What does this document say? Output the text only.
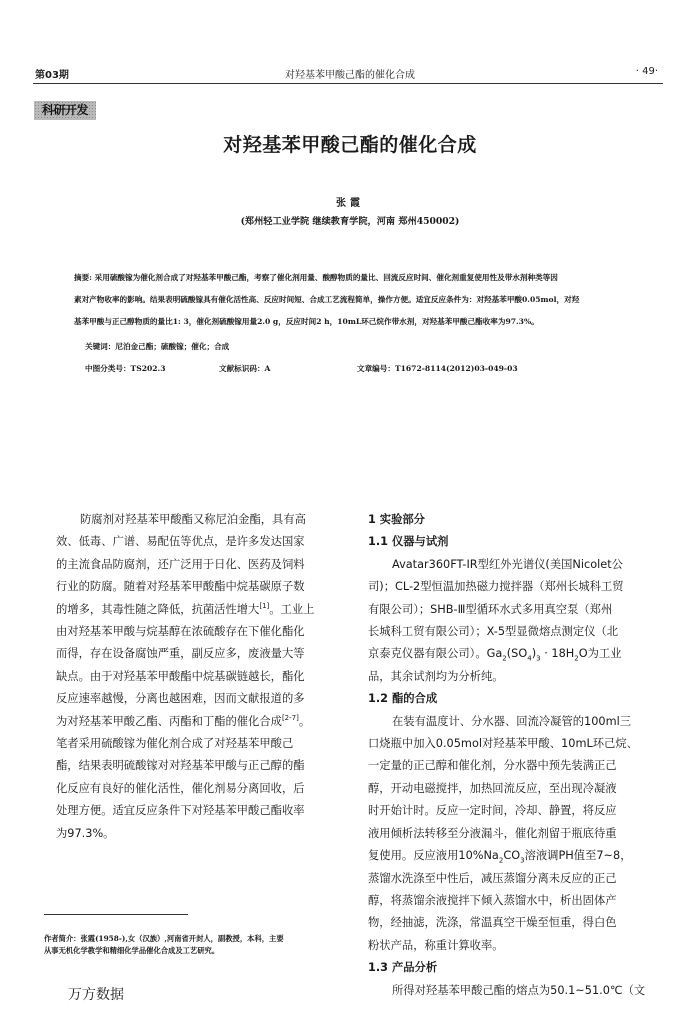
第03期	对羟基苯甲酸己酯的催化合成	· 49·
科研开发
对羟基苯甲酸己酯的催化合成
张霞
(郑州轻工业学院 继续教育学院，河南 郑州450002)
摘要: 采用硫酸镓为催化剂合成了对羟基苯甲酸己酯，考察了催化剂用量、酸醇物质的量比、回流反应时间、催化剂重复使用性及带水剂种类等因
素对产物收率的影响。结果表明硫酸镓具有催化活性高、反应时间短、合成工艺流程简单，操作方便。适宜反应条件为：对羟基苯甲酸0.05mol，对羟
基苯甲酸与正己醇物质的量比1: 3，催化剂硫酸镓用量2.0 g，反应时间2 h，10mL环己烷作带水剂，对羟基苯甲酸己酯收率为97.3%。
关键词：尼泊金己酯；硫酸镓；催化；合成
中图分类号：TS202.3	文献标识码：A	文章编号：T1672-8114(2012)03-049-03
防腐剂对羟基苯甲酸酯又称尼泊金酯，具有高
效、低毒、广谱、易配伍等优点，是许多发达国家
的主流食品防腐剂，还广泛用于日化、医药及饲料
行业的防腐。随着对羟基苯甲酸酯中烷基碳原子数
的增多，其毒性随之降低，抗菌活性增大[1]。工业上
由对羟基苯甲酸与烷基醇在浓硫酸存在下催化酯化
而得，存在设备腐蚀严重，副反应多，废液量大等
缺点。由于对羟基苯甲酸酯中烷基碳链越长，酯化
反应速率越慢，分离也越困难，因而文献报道的多
为对羟基苯甲酸乙酯、丙酯和丁酯的催化合成[2-7]。
笔者采用硫酸镓为催化剂合成了对羟基苯甲酸己
酯，结果表明硫酸镓对对羟基苯甲酸与正己醇的酯
化反应有良好的催化活性，催化剂易分离回收，后
处理方便。适宜反应条件下对羟基苯甲酸己酯收率
为97.3%。
1 实验部分
1.1 仪器与试剂
Avatar360FT-IR型红外光谱仪(美国Nicolet公
司)；CL-2型恒温加热磁力搅拌器（郑州长城科工贸
有限公司）；SHB-Ⅲ型循环水式多用真空泵（郑州
长城科工贸有限公司）；X-5型显微熔点测定仪（北
京泰克仪器有限公司）。$Ga_2(SO_4)_3 \cdot 18H_2O$为工业
品，其余试剂均为分析纯。
1.2 酯的合成
在装有温度计、分水器、回流冷凝管的100ml三
口烧瓶中加入0.05mol对羟基苯甲酸、10mL环己烷、
一定量的正己醇和催化剂，分水器中预先装满正己
醇，开动电磁搅拌，加热回流反应，至出现冷凝液
时开始计时。反应一定时间，冷却、静置，将反应
液用倾析法转移至分液漏斗，催化剂留于瓶底待重
复使用。反应液用$10\%Na_2CO_3$溶液调PH值至7~8，
蒸馏水洗涤至中性后，减压蒸馏分离未反应的正己
醇，将蒸馏余液搅拌下倾入蒸馏水中，析出固体产
物，经抽滤，洗涤，常温真空干燥至恒重，得白色
粉状产品，称重计算收率。
1.3 产品分析
所得对羟基苯甲酸己酯的熔点为50.1~51.0℃（文
作者简介：张霞(1958-),女（汉族）,河南省开封人，副教授，本科，主要
从事无机化学教学和精细化学品催化合成及工艺研究。
万方数据
